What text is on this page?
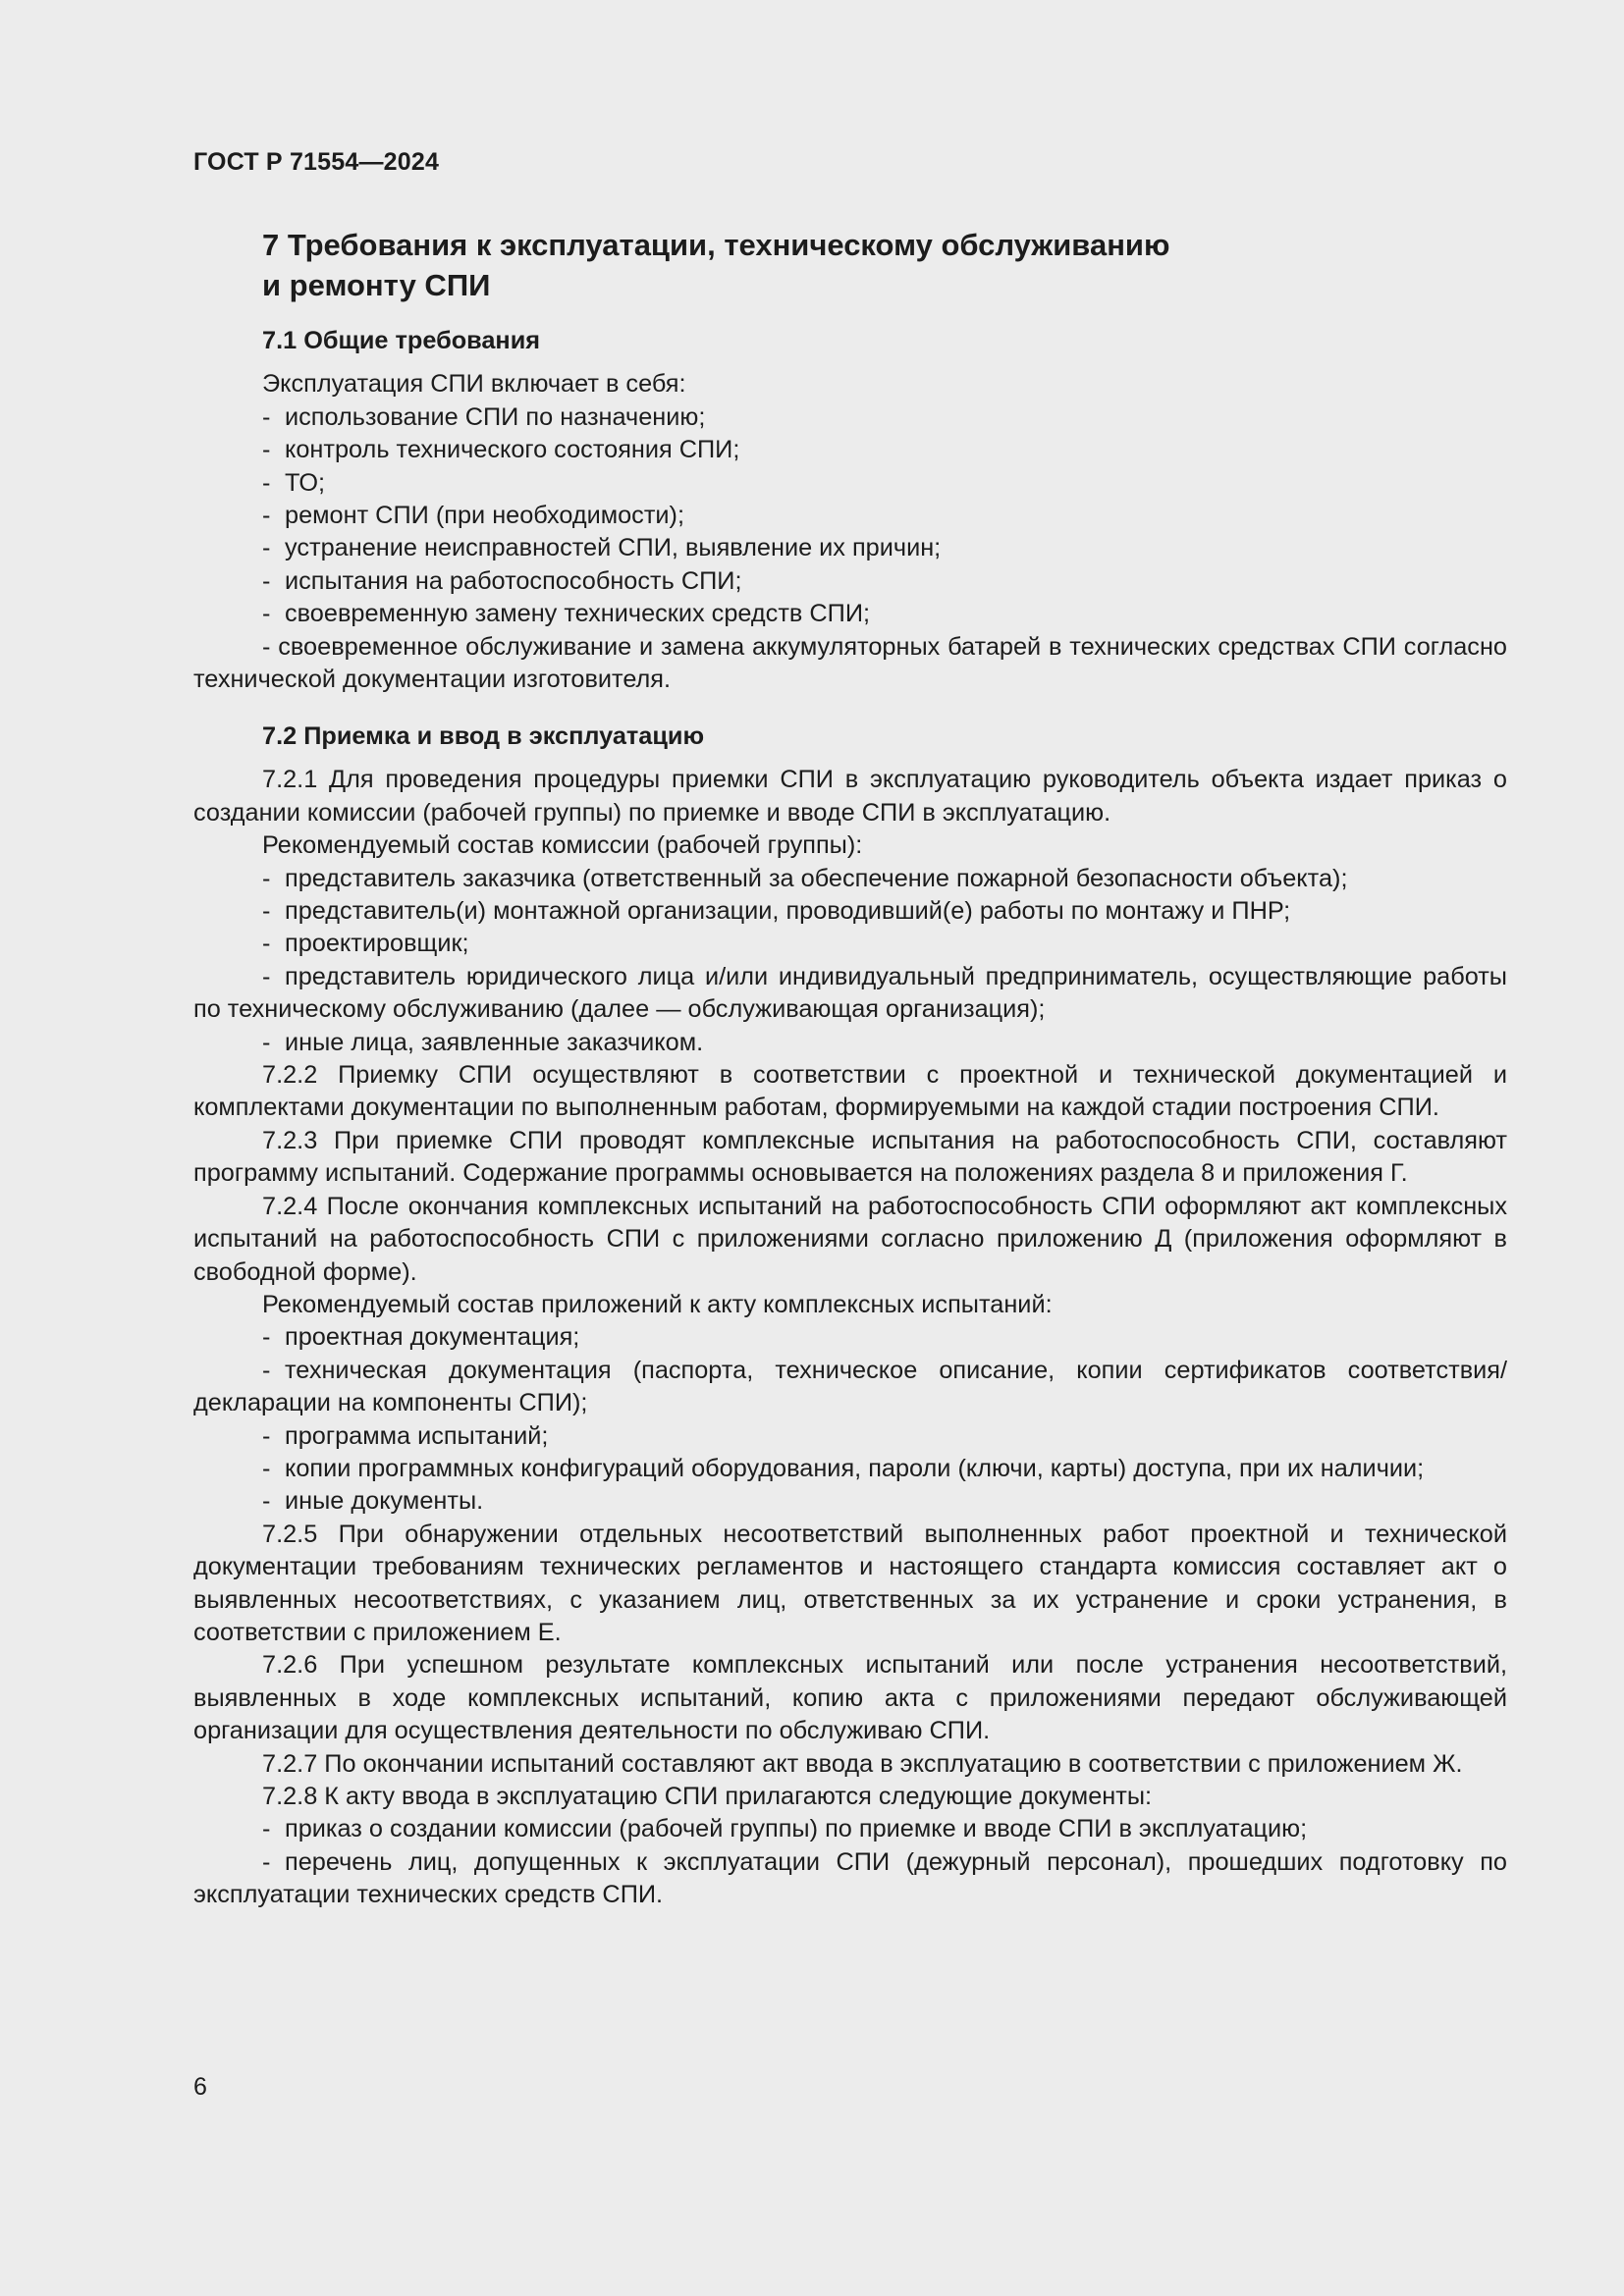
ГОСТ Р 71554—2024

7 Требования к эксплуатации, техническому обслуживанию
и ремонту СПИ

7.1 Общие требования

Эксплуатация СПИ включает в себя:

- использование СПИ по назначению;

- контроль технического состояния СПИ;

- ТО;

- ремонт СПИ (при необходимости);

- устранение неисправностей СПИ, выявление их причин;

- испытания на работоспособность СПИ;

- своевременную замену технических средств СПИ;

- своевременное обслуживание и замена аккумуляторных батарей в технических средствах СПИ согласно технической документации изготовителя.

7.2 Приемка и ввод в эксплуатацию

7.2.1 Для проведения процедуры приемки СПИ в эксплуатацию руководитель объекта издает приказ о создании комиссии (рабочей группы) по приемке и вводе СПИ в эксплуатацию.

Рекомендуемый состав комиссии (рабочей группы):

- представитель заказчика (ответственный за обеспечение пожарной безопасности объекта);

- представитель(и) монтажной организации, проводивший(е) работы по монтажу и ПНР;

- проектировщик;

- представитель юридического лица и/или индивидуальный предприниматель, осуществляющие работы по техническому обслуживанию (далее — обслуживающая организация);

- иные лица, заявленные заказчиком.

7.2.2 Приемку СПИ осуществляют в соответствии с проектной и технической документацией и комплектами документации по выполненным работам, формируемыми на каждой стадии построения СПИ.

7.2.3 При приемке СПИ проводят комплексные испытания на работоспособность СПИ, составляют программу испытаний. Содержание программы основывается на положениях раздела 8 и приложения Г.

7.2.4 После окончания комплексных испытаний на работоспособность СПИ оформляют акт комплексных испытаний на работоспособность СПИ с приложениями согласно приложению Д (приложения оформляют в свободной форме).

Рекомендуемый состав приложений к акту комплексных испытаний:

- проектная документация;

- техническая документация (паспорта, техническое описание, копии сертификатов соответствия/декларации на компоненты СПИ);

- программа испытаний;

- копии программных конфигураций оборудования, пароли (ключи, карты) доступа, при их наличии;

- иные документы.

7.2.5 При обнаружении отдельных несоответствий выполненных работ проектной и технической документации требованиям технических регламентов и настоящего стандарта комиссия составляет акт о выявленных несоответствиях, с указанием лиц, ответственных за их устранение и сроки устранения, в соответствии с приложением Е.

7.2.6 При успешном результате комплексных испытаний или после устранения несоответствий, выявленных в ходе комплексных испытаний, копию акта с приложениями передают обслуживающей организации для осуществления деятельности по обслуживаю СПИ.

7.2.7 По окончании испытаний составляют акт ввода в эксплуатацию в соответствии с приложением Ж.

7.2.8 К акту ввода в эксплуатацию СПИ прилагаются следующие документы:

- приказ о создании комиссии (рабочей группы) по приемке и вводе СПИ в эксплуатацию;

- перечень лиц, допущенных к эксплуатации СПИ (дежурный персонал), прошедших подготовку по эксплуатации технических средств СПИ.

6
